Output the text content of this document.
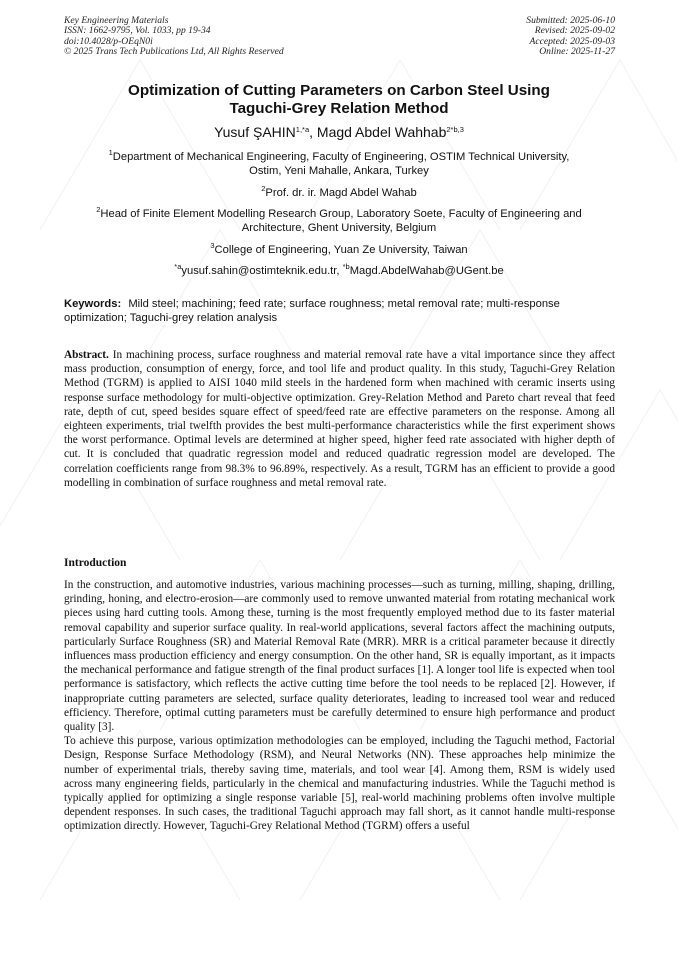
Key Engineering Materials
ISSN: 1662-9795, Vol. 1033, pp 19-34
doi:10.4028/p-OEqN0i
© 2025 Trans Tech Publications Ltd, All Rights Reserved
Submitted: 2025-06-10
Revised: 2025-09-02
Accepted: 2025-09-03
Online: 2025-11-27
Optimization of Cutting Parameters on Carbon Steel Using
Taguchi-Grey Relation Method
Yusuf $ŞAHIN^{1,*a}$, Magd Abdel Wahhab$^{2*b,3}$
$^1$Department of Mechanical Engineering, Faculty of Engineering, OSTIM Technical University,
Ostim, Yeni Mahalle, Ankara, Turkey
$^2$Prof. dr. ir. Magd Abdel Wahab
$^2$Head of Finite Element Modelling Research Group, Laboratory Soete, Faculty of Engineering and
Architecture, Ghent University, Belgium
$^3$College of Engineering, Yuan Ze University, Taiwan
$^{*a}$yusuf.sahin@ostimteknik.edu.tr, $^{*b}$Magd.AbdelWahab@UGent.be
Keywords: Mild steel; machining; feed rate; surface roughness; metal removal rate; multi-response optimization; Taguchi-grey relation analysis

Abstract. In machining process, surface roughness and material removal rate have a vital importance since they affect mass production, consumption of energy, force, and tool life and product quality. In this study, Taguchi-Grey Relation Method (TGRM) is applied to AISI 1040 mild steels in the hardened form when machined with ceramic inserts using response surface methodology for multi-objective optimization. Grey-Relation Method and Pareto chart reveal that feed rate, depth of cut, speed besides square effect of speed/feed rate are effective parameters on the response. Among all eighteen experiments, trial twelfth provides the best multi-performance characteristics while the first experiment shows the worst performance. Optimal levels are determined at higher speed, higher feed rate associated with higher depth of cut. It is concluded that quadratic regression model and reduced quadratic regression model are developed. The correlation coefficients range from 98.3% to 96.89%, respectively. As a result, TGRM has an efficient to provide a good modelling in combination of surface roughness and metal removal rate.

Introduction

In the construction, and automotive industries, various machining processes—such as turning, milling, shaping, drilling, grinding, honing, and electro-erosion—are commonly used to remove unwanted material from rotating mechanical work pieces using hard cutting tools. Among these, turning is the most frequently employed method due to its faster material removal capability and superior surface quality. In real-world applications, several factors affect the machining outputs, particularly Surface Roughness (SR) and Material Removal Rate (MRR). MRR is a critical parameter because it directly influences mass production efficiency and energy consumption. On the other hand, SR is equally important, as it impacts the mechanical performance and fatigue strength of the final product surfaces [1]. A longer tool life is expected when tool performance is satisfactory, which reflects the active cutting time before the tool needs to be replaced [2]. However, if inappropriate cutting parameters are selected, surface quality deteriorates, leading to increased tool wear and reduced efficiency. Therefore, optimal cutting parameters must be carefully determined to ensure high performance and product quality [3].

To achieve this purpose, various optimization methodologies can be employed, including the Taguchi method, Factorial Design, Response Surface Methodology (RSM), and Neural Networks (NN). These approaches help minimize the number of experimental trials, thereby saving time, materials, and tool wear [4]. Among them, RSM is widely used across many engineering fields, particularly in the chemical and manufacturing industries. While the Taguchi method is typically applied for optimizing a single response variable [5], real-world machining problems often involve multiple dependent responses. In such cases, the traditional Taguchi approach may fall short, as it cannot handle multi-response optimization directly. However, Taguchi-Grey Relational Method (TGRM) offers a useful
